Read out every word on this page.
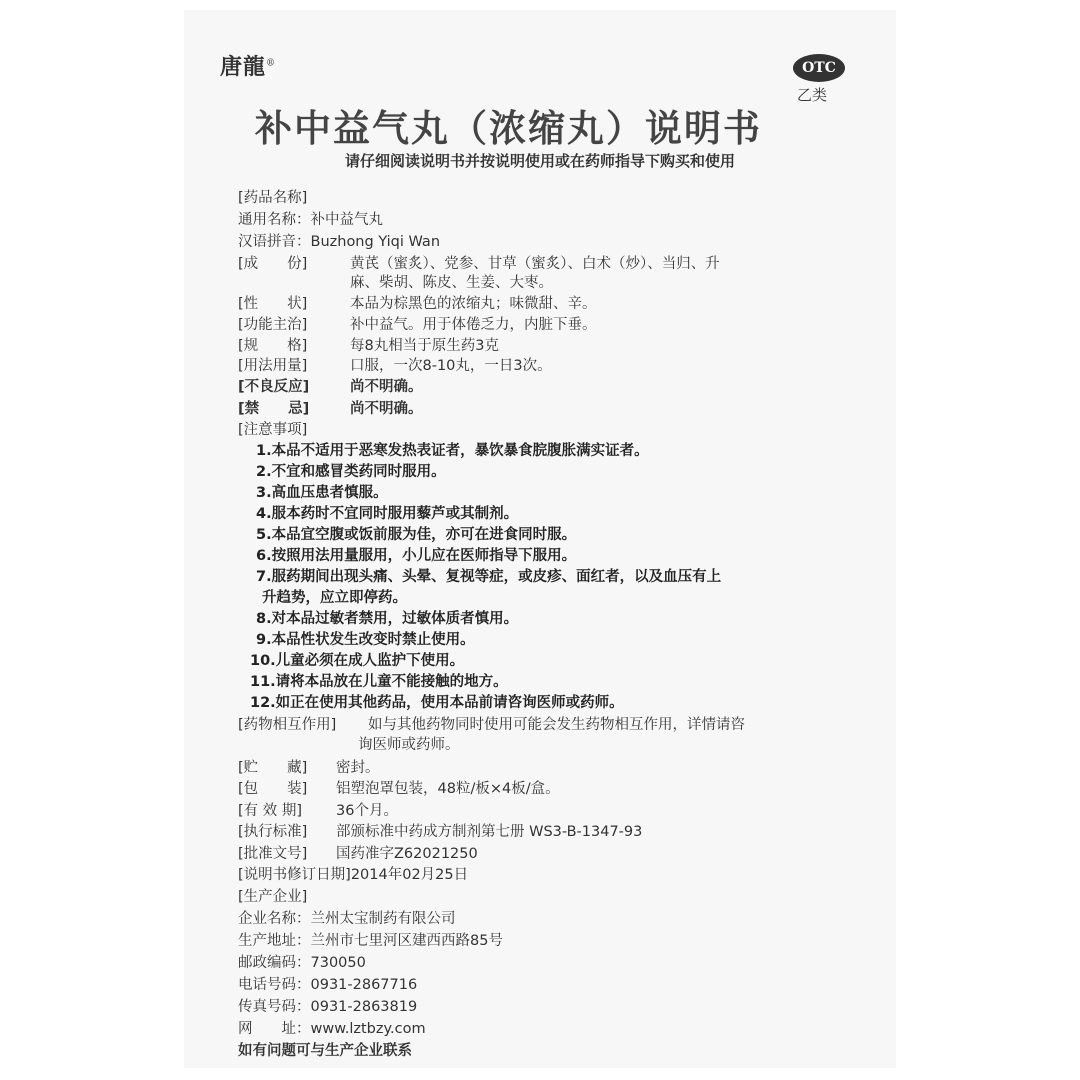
唐龍®	OTC
乙类
补中益气丸（浓缩丸）说明书
请仔细阅读说明书并按说明使用或在药师指导下购买和使用
[药品名称]
通用名称：补中益气丸
汉语拼音：Buzhong Yiqi Wan
[成　　份]	黄芪（蜜炙）、党参、甘草（蜜炙）、白术（炒）、当归、升
麻、柴胡、陈皮、生姜、大枣。
[性　　状]	本品为棕黑色的浓缩丸；味微甜、辛。
[功能主治]	补中益气。用于体倦乏力，内脏下垂。
[规　　格]	每8丸相当于原生药3克
[用法用量]	口服，一次8-10丸，一日3次。
[不良反应]	尚不明确。
[禁　　忌]	尚不明确。
[注意事项]
1.本品不适用于恶寒发热表证者，暴饮暴食脘腹胀满实证者。
2.不宜和感冒类药同时服用。
3.高血压患者慎服。
4.服本药时不宜同时服用藜芦或其制剂。
5.本品宜空腹或饭前服为佳，亦可在进食同时服。
6.按照用法用量服用，小儿应在医师指导下服用。
7.服药期间出现头痛、头晕、复视等症，或皮疹、面红者，以及血压有上
升趋势，应立即停药。
8.对本品过敏者禁用，过敏体质者慎用。
9.本品性状发生改变时禁止使用。
10.儿童必须在成人监护下使用。
11.请将本品放在儿童不能接触的地方。
12.如正在使用其他药品，使用本品前请咨询医师或药师。
[药物相互作用] 如与其他药物同时使用可能会发生药物相互作用，详情请咨
询医师或药师。
[贮　　藏] 密封。
[包　　装] 铝塑泡罩包装，48粒/板×4板/盒。
[有 效 期] 36个月。
[执行标准] 部颁标准中药成方制剂第七册 WS3-B-1347-93
[批准文号] 国药准字Z62021250
[说明书修订日期]2014年02月25日
[生产企业]
企业名称：兰州太宝制药有限公司
生产地址：兰州市七里河区建西西路85号
邮政编码：730050
电话号码：0931-2867716
传真号码：0931-2863819
网　　址：www.lztbzy.com
如有问题可与生产企业联系
